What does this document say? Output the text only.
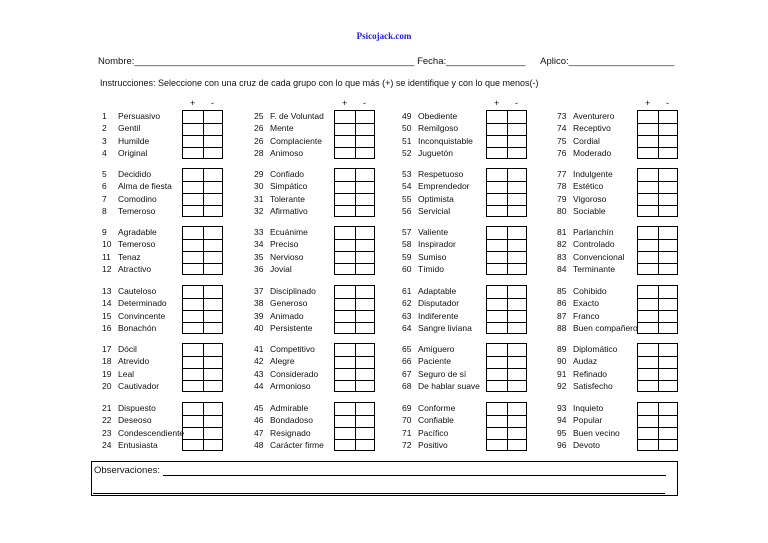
Psicojack.com
Nombre:_____________________________________________________ Fecha:_______________ Aplico:____________________
Instrucciones: Seleccione con una cruz de cada grupo con lo que más (+) se identifique y con lo que menos(-)
+ -
1	Persuasivo
2	Gentil
3	Humilde
4	Original
5	Decidido
6	Alma de fiesta
7	Comodino
8	Temeroso
9	Agradable
10 Temeroso
11 Tenaz
12 Atractivo
13 Cauteloso
14 Determinado
15 Convincente
16 Bonachón
17 Dócil
18 Atrevido
19 Leal
20 Cautivador
21 Dispuesto
22 Deseoso
23 Condescendiente
24 Entusiasta
+ -
25 F. de Voluntad
26 Mente
26 Complaciente
28 Animoso
29 Confiado
30 Simpático
31 Tolerante
32 Afirmativo
33 Ecuánime
34 Preciso
35 Nervioso
36 Jovial
37 Disciplinado
38 Generoso
39 Animado
40 Persistente
41 Competitivo
42 Alegre
43 Considerado
44 Armonioso
45 Admirable
46 Bondadoso
47 Resignado
48 Carácter firme
+ -
49 Obediente
50 Remilgoso
51 Inconquistable
52 Juguetón
53 Respetuoso
54 Emprendedor
55 Optimista
56 Servicial
57 Valiente
58 Inspirador
59 Sumiso
60 Tímido
61 Adaptable
62 Disputador
63 Indiferente
64 Sangre liviana
65 Amiguero
66 Paciente
67 Seguro de sí
68 De hablar suave
69 Conforme
70 Confiable
71 Pacífico
72 Positivo
+ -
73 Aventurero
74 Receptivo
75 Cordial
76 Moderado
77 Indulgente
78 Estético
79 Vigoroso
80 Sociable
81 Parlanchín
82 Controlado
83 Convencional
84 Terminante
85 Cohibido
86 Exacto
87 Franco
88 Buen compañero
89 Diplomático
90 Audaz
91 Refinado
92 Satisfecho
93 Inquieto
94 Popular
95 Buen vecino
96 Devoto
Observaciones:
